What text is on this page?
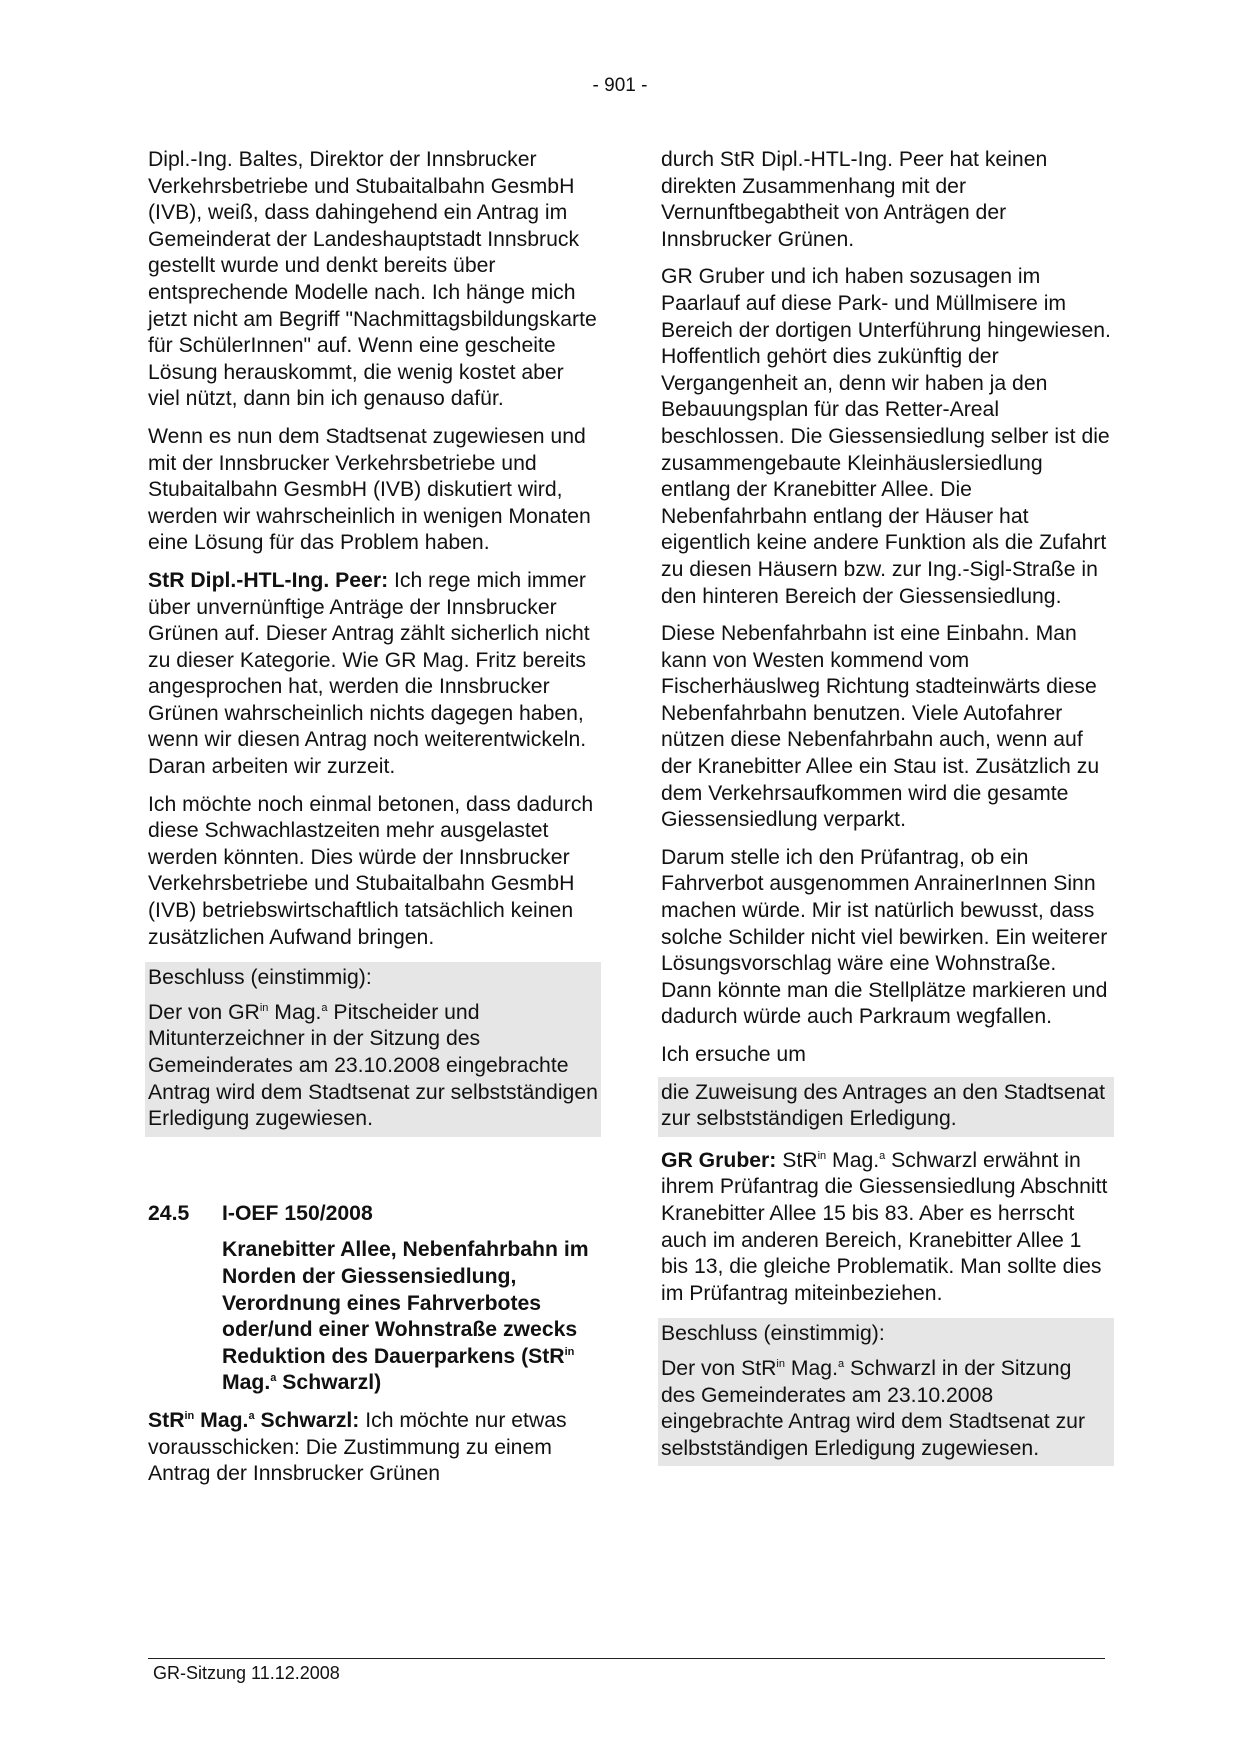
- 901 -

Dipl.-Ing. Baltes, Direktor der Innsbrucker Verkehrsbetriebe und Stubaitalbahn GesmbH (IVB), weiß, dass dahingehend ein Antrag im Gemeinderat der Landeshauptstadt Innsbruck gestellt wurde und denkt bereits über entsprechende Modelle nach. Ich hänge mich jetzt nicht am Begriff "Nachmittagsbildungskarte für SchülerInnen" auf. Wenn eine gescheite Lösung herauskommt, die wenig kostet aber viel nützt, dann bin ich genauso dafür.

Wenn es nun dem Stadtsenat zugewiesen und mit der Innsbrucker Verkehrsbetriebe und Stubaitalbahn GesmbH (IVB) diskutiert wird, werden wir wahrscheinlich in wenigen Monaten eine Lösung für das Problem haben.

StR Dipl.-HTL-Ing. Peer: Ich rege mich immer über unvernünftige Anträge der Innsbrucker Grünen auf. Dieser Antrag zählt sicherlich nicht zu dieser Kategorie. Wie GR Mag. Fritz bereits angesprochen hat, werden die Innsbrucker Grünen wahrscheinlich nichts dagegen haben, wenn wir diesen Antrag noch weiterentwickeln. Daran arbeiten wir zurzeit.

Ich möchte noch einmal betonen, dass dadurch diese Schwachlastzeiten mehr ausgelastet werden könnten. Dies würde der Innsbrucker Verkehrsbetriebe und Stubaitalbahn GesmbH (IVB) betriebswirtschaftlich tatsächlich keinen zusätzlichen Aufwand bringen.

Beschluss (einstimmig):

Der von $GR^{in}$ Mag.$^a$ Pitscheider und Mitunterzeichner in der Sitzung des Gemeinderates am 23.10.2008 eingebrachte Antrag wird dem Stadtsenat zur selbstständigen Erledigung zugewiesen.

24.5	I-OEF 150/2008
Kranebitter Allee, Nebenfahrbahn im Norden der Giessensiedlung, Verordnung eines Fahrverbotes oder/und einer Wohnstraße zwecks Reduktion des Dauerparkens (StR$^{in}$ Mag.$^a$ Schwarzl)

StR$^{in}$ Mag.$^a$ Schwarzl: Ich möchte nur etwas vorausschicken: Die Zustimmung zu einem Antrag der Innsbrucker Grünen

durch StR Dipl.-HTL-Ing. Peer hat keinen direkten Zusammenhang mit der Vernunftbegabtheit von Anträgen der Innsbrucker Grünen.

GR Gruber und ich haben sozusagen im Paarlauf auf diese Park- und Müllmisere im Bereich der dortigen Unterführung hingewiesen. Hoffentlich gehört dies zukünftig der Vergangenheit an, denn wir haben ja den Bebauungsplan für das Retter-Areal beschlossen. Die Giessensiedlung selber ist die zusammengebaute Kleinhäuslersiedlung entlang der Kranebitter Allee. Die Nebenfahrbahn entlang der Häuser hat eigentlich keine andere Funktion als die Zufahrt zu diesen Häusern bzw. zur Ing.-Sigl-Straße in den hinteren Bereich der Giessensiedlung.

Diese Nebenfahrbahn ist eine Einbahn. Man kann von Westen kommend vom Fischerhäuslweg Richtung stadteinwärts diese Nebenfahrbahn benutzen. Viele Autofahrer nützen diese Nebenfahrbahn auch, wenn auf der Kranebitter Allee ein Stau ist. Zusätzlich zu dem Verkehrsaufkommen wird die gesamte Giessensiedlung verparkt.

Darum stelle ich den Prüfantrag, ob ein Fahrverbot ausgenommen AnrainerInnen Sinn machen würde. Mir ist natürlich bewusst, dass solche Schilder nicht viel bewirken. Ein weiterer Lösungsvorschlag wäre eine Wohnstraße. Dann könnte man die Stellplätze markieren und dadurch würde auch Parkraum wegfallen.

Ich ersuche um

die Zuweisung des Antrages an den Stadtsenat zur selbstständigen Erledigung.

GR Gruber: StR$^{in}$ Mag.$^a$ Schwarzl erwähnt in ihrem Prüfantrag die Giessensiedlung Abschnitt Kranebitter Allee 15 bis 83. Aber es herrscht auch im anderen Bereich, Kranebitter Allee 1 bis 13, die gleiche Problematik. Man sollte dies im Prüfantrag miteinbeziehen.

Beschluss (einstimmig):

Der von StR$^{in}$ Mag.$^a$ Schwarzl in der Sitzung des Gemeinderates am 23.10.2008 eingebrachte Antrag wird dem Stadtsenat zur selbstständigen Erledigung zugewiesen.

GR-Sitzung 11.12.2008
